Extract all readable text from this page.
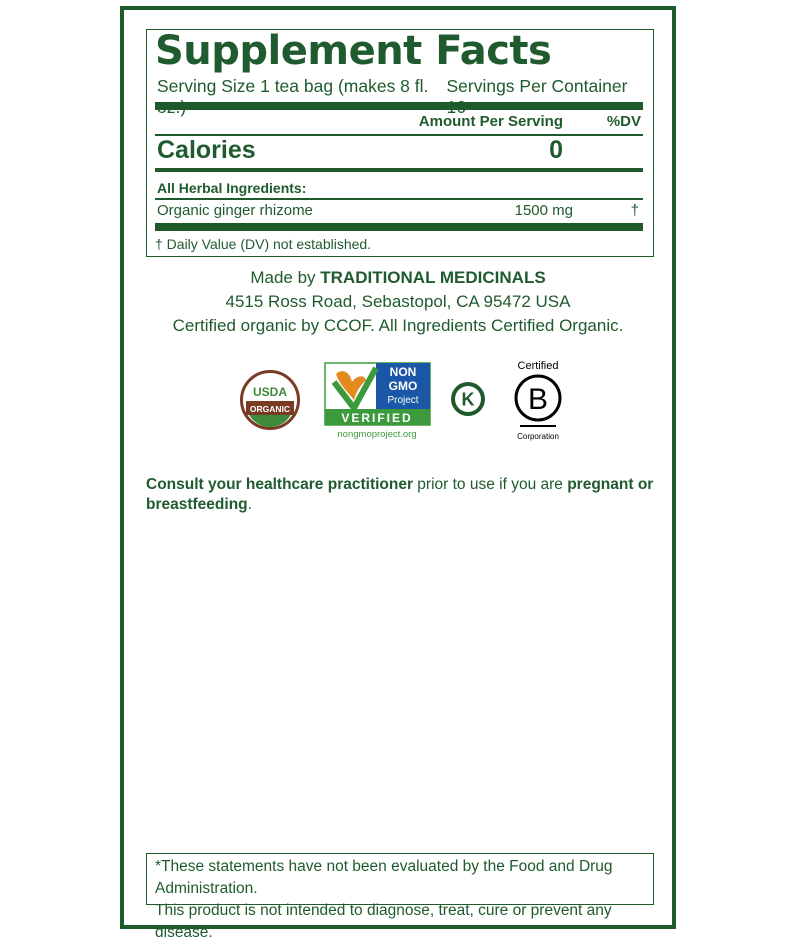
Supplement Facts
Serving Size 1 tea bag (makes 8 fl.	Servings Per Container
Amount Per Serving	%DV
Calories	0
All Herbal Ingredients:
Organic ginger rhizome	1500 mg	†
† Daily Value (DV) not established.
Made by TRADITIONAL MEDICINALS
4515 Ross Road, Sebastopol, CA 95472 USA
Certified organic by CCOF. All Ingredients Certified Organic.
USDA
ORGANIC
NON
GMO
Project
VERIFIED
nongmoproject.org
K
Certified
B
Corporation
Consult your healthcare practitioner prior to use if you are pregnant or breastfeeding.
*These statements have not been evaluated by the Food and Drug Administration.
This product is not intended to diagnose, treat, cure or prevent any disease.
